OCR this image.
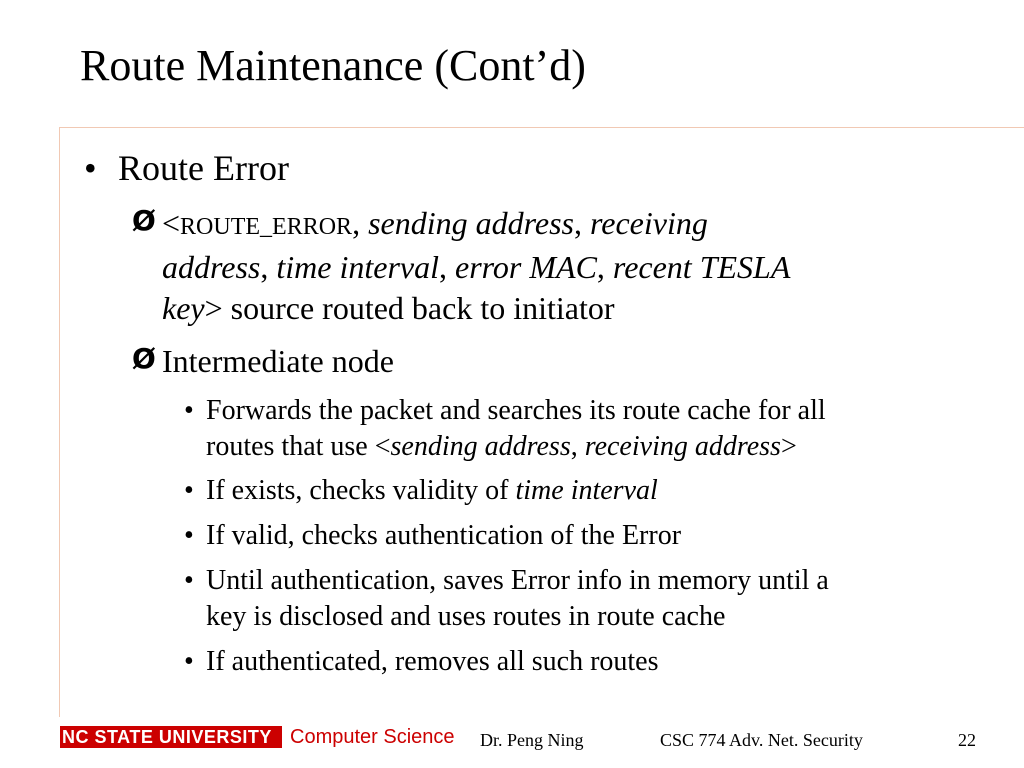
Route Maintenance (Cont’d)
• Route Error
Ø <ROUTE_ERROR, sending address, receiving
address, time interval, error MAC, recent TESLA
key> source routed back to initiator
Ø Intermediate node
• Forwards the packet and searches its route cache for all
routes that use <sending address, receiving address>
• If exists, checks validity of time interval
• If valid, checks authentication of the Error
• Until authentication, saves Error info in memory until a
key is disclosed and uses routes in route cache
• If authenticated, removes all such routes
NC STATE UNIVERSITY Computer Science Dr. Peng Ning	CSC 774 Adv. Net. Security	22
